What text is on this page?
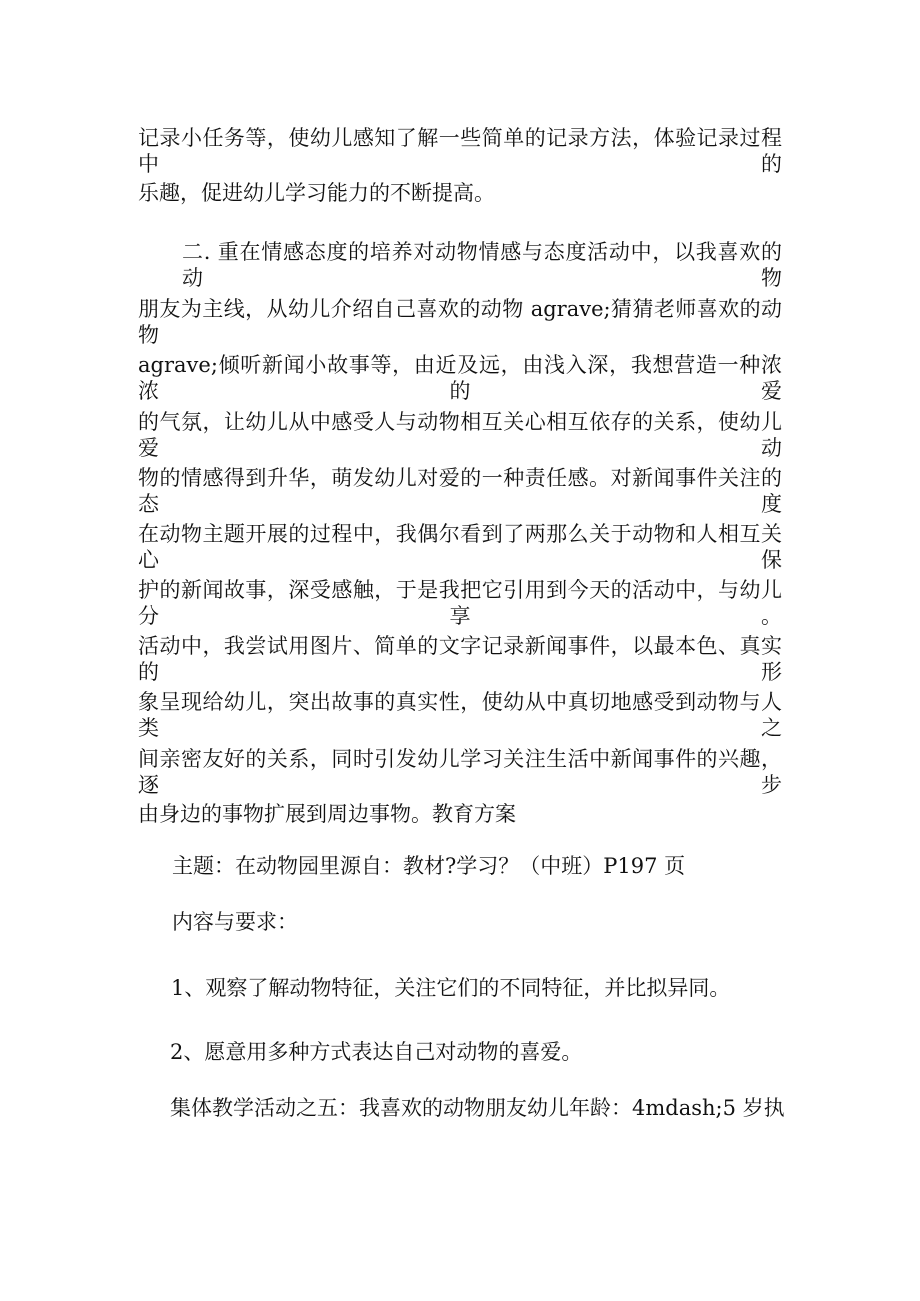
记录小任务等，使幼儿感知了解一些简单的记录方法，体验记录过程中的
乐趣，促进幼儿学习能力的不断提高。
二. 重在情感态度的培养对动物情感与态度活动中，以我喜欢的动物
朋友为主线，从幼儿介绍自己喜欢的动物 agrave;猜猜老师喜欢的动物
agrave;倾听新闻小故事等，由近及远，由浅入深，我想营造一种浓浓的爱
的气氛，让幼儿从中感受人与动物相互关心相互依存的关系，使幼儿爱动
物的情感得到升华，萌发幼儿对爱的一种责任感。对新闻事件关注的态度
在动物主题开展的过程中，我偶尔看到了两那么关于动物和人相互关心保
护的新闻故事，深受感触，于是我把它引用到今天的活动中，与幼儿分享。
活动中，我尝试用图片、简单的文字记录新闻事件，以最本色、真实的形
象呈现给幼儿，突出故事的真实性，使幼从中真切地感受到动物与人类之
间亲密友好的关系，同时引发幼儿学习关注生活中新闻事件的兴趣，逐步
由身边的事物扩展到周边事物。教育方案
主题：在动物园里源自：教材?学习？（中班）P197 页
内容与要求：
1、观察了解动物特征，关注它们的不同特征，并比拟异同。
2、愿意用多种方式表达自己对动物的喜爱。
集体教学活动之五：我喜欢的动物朋友幼儿年龄：4mdash;5 岁执
